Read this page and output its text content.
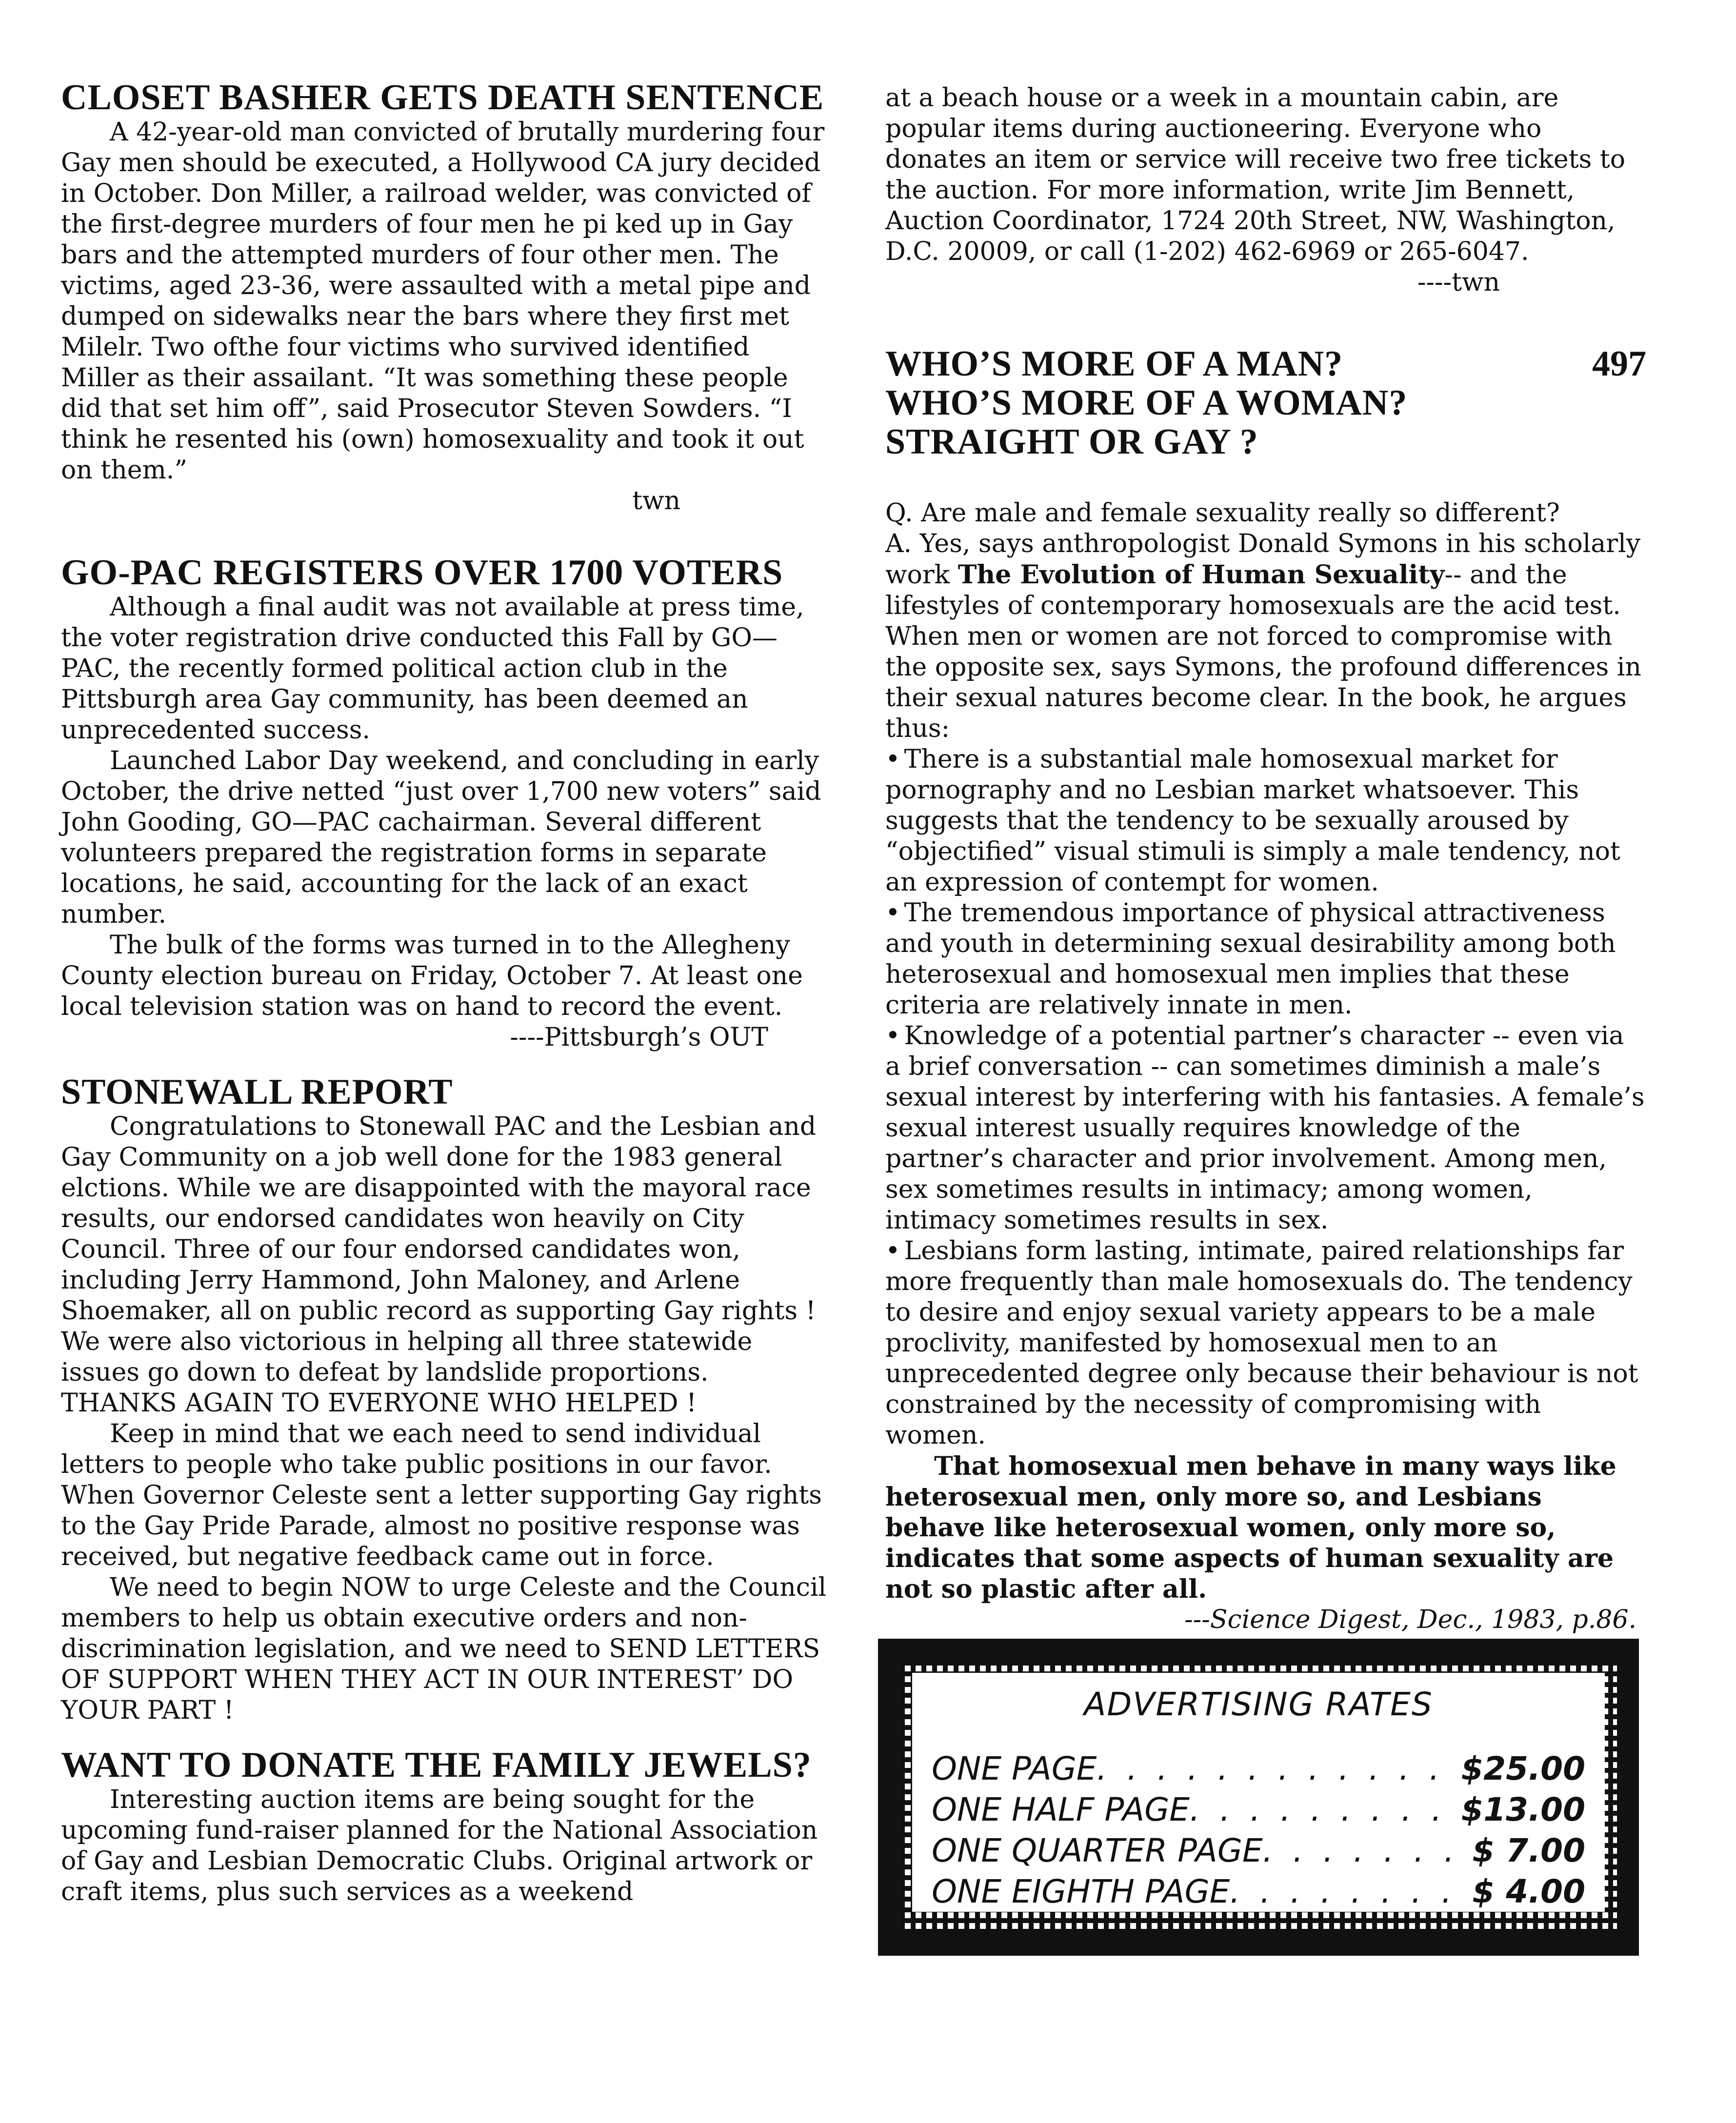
CLOSET BASHER GETS DEATH SENTENCE

A 42-year-old man convicted of brutally murdering four Gay men should be executed, a Hollywood CA jury decided in October. Don Miller, a railroad welder, was convicted of the first-degree murders of four men he pi ked up in Gay bars and the attempted murders of four other men. The victims, aged 23-36, were assaulted with a metal pipe and dumped on sidewalks near the bars where they first met Milelr. Two ofthe four victims who survived identified Miller as their assailant. “It was something these people did that set him off”, said Prosecutor Steven Sowders. “I think he resented his (own) homosexuality and took it out on them.”

twn

GO-PAC REGISTERS OVER 1700 VOTERS

Although a final audit was not available at press time, the voter registration drive conducted this Fall by GO—PAC, the recently formed political action club in the Pittsburgh area Gay community, has been deemed an unprecedented success.

Launched Labor Day weekend, and concluding in early October, the drive netted “just over 1,700 new voters” said John Gooding, GO—PAC cachairman. Several different volunteers prepared the registration forms in separate locations, he said, accounting for the lack of an exact number.

The bulk of the forms was turned in to the Allegheny County election bureau on Friday, October 7. At least one local television station was on hand to record the event.

----Pittsburgh’s OUT

STONEWALL REPORT

Congratulations to Stonewall PAC and the Lesbian and Gay Community on a job well done for the 1983 general elctions. While we are disappointed with the mayoral race results, our endorsed candidates won heavily on City Council. Three of our four endorsed candidates won, including Jerry Hammond, John Maloney, and Arlene Shoemaker, all on public record as supporting Gay rights ! We were also victorious in helping all three statewide issues go down to defeat by landslide proportions. THANKS AGAIN TO EVERYONE WHO HELPED !

Keep in mind that we each need to send individual letters to people who take public positions in our favor. When Governor Celeste sent a letter supporting Gay rights to the Gay Pride Parade, almost no positive response was received, but negative feedback came out in force.

We need to begin NOW to urge Celeste and the Council members to help us obtain executive orders and non-discrimination legislation, and we need to SEND LETTERS OF SUPPORT WHEN THEY ACT IN OUR INTEREST’ DO YOUR PART !

WANT TO DONATE THE FAMILY JEWELS?

Interesting auction items are being sought for the upcoming fund-raiser planned for the National Association of Gay and Lesbian Democratic Clubs. Original artwork or craft items, plus such services as a weekend

at a beach house or a week in a mountain cabin, are popular items during auctioneering. Everyone who donates an item or service will receive two free tickets to the auction. For more information, write Jim Bennett, Auction Coordinator, 1724 20th Street, NW, Washington, D.C. 20009, or call (1-202) 462-6969 or 265-6047.

----twn

WHO’S MORE OF A MAN?
WHO’S MORE OF A WOMAN?
STRAIGHT OR GAY ?
497

Q. Are male and female sexuality really so different?

A. Yes, says anthropologist Donald Symons in his scholarly work The Evolution of Human Sexuality-- and the lifestyles of contemporary homosexuals are the acid test. When men or women are not forced to compromise with the opposite sex, says Symons, the profound differences in their sexual natures become clear. In the book, he argues thus:

• There is a substantial male homosexual market for pornography and no Lesbian market whatsoever. This suggests that the tendency to be sexually aroused by “objectified” visual stimuli is simply a male tendency, not an expression of contempt for women.

• The tremendous importance of physical attractiveness and youth in determining sexual desirability among both heterosexual and homosexual men implies that these criteria are relatively innate in men.

• Knowledge of a potential partner’s character -- even via a brief conversation -- can sometimes diminish a male’s sexual interest by interfering with his fantasies. A female’s sexual interest usually requires knowledge of the partner’s character and prior involvement. Among men, sex sometimes results in intimacy; among women, intimacy sometimes results in sex.

• Lesbians form lasting, intimate, paired relationships far more frequently than male homosexuals do. The tendency to desire and enjoy sexual variety appears to be a male proclivity, manifested by homosexual men to an unprecedented degree only because their behaviour is not constrained by the necessity of compromising with women.

That homosexual men behave in many ways like heterosexual men, only more so, and Lesbians behave like heterosexual women, only more so, indicates that some aspects of human sexuality are not so plastic after all.

---Science Digest, Dec., 1983, p.86.

ADVERTISING RATES
ONE PAGE . . .	$25.00
ONE HALF PAGE . . .	$13.00
ONE QUARTER PAGE . . .	$ 7.00
ONE EIGHTH PAGE . . .	$ 4.00
